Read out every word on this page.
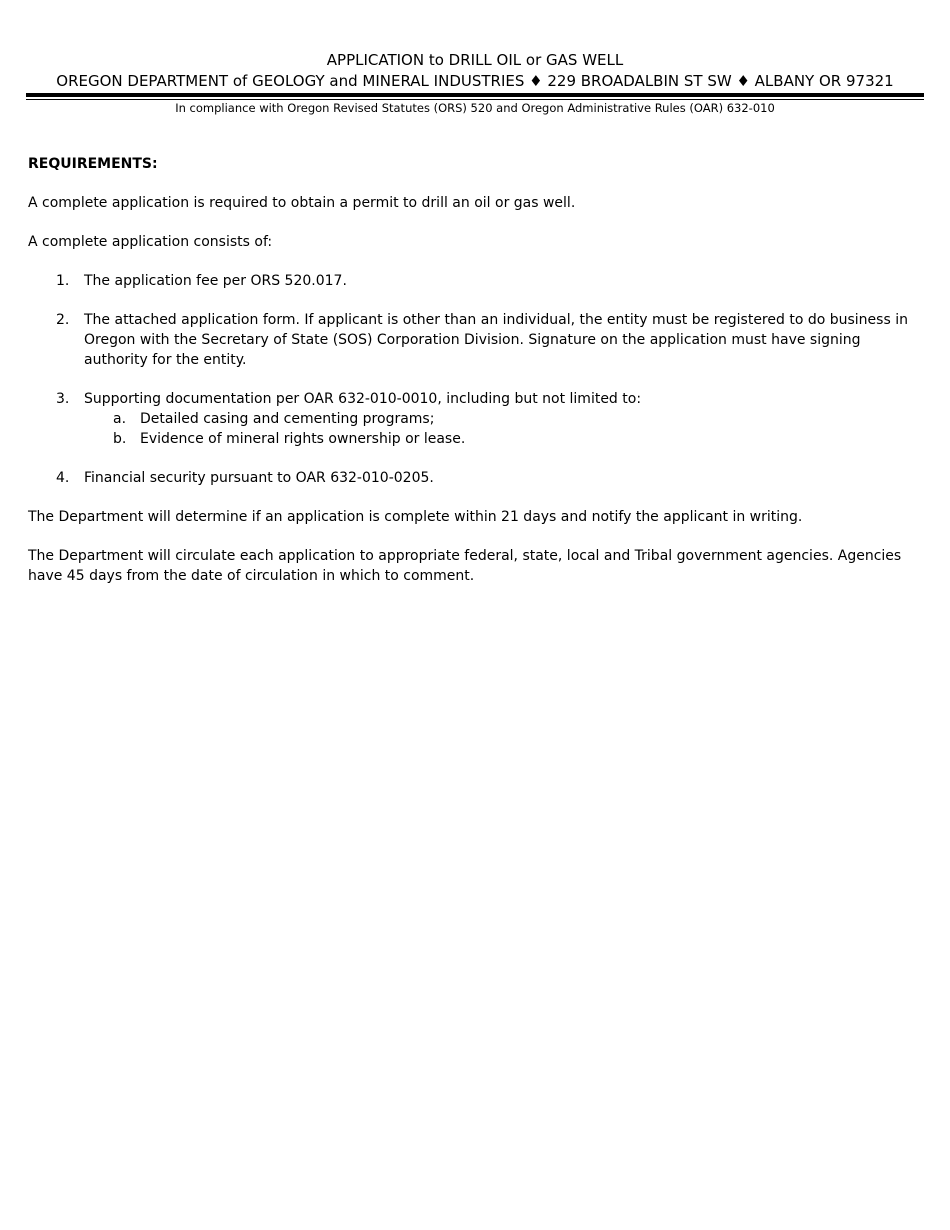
APPLICATION to DRILL OIL or GAS WELL
OREGON DEPARTMENT of GEOLOGY and MINERAL INDUSTRIES ♦ 229 BROADALBIN ST SW ♦ ALBANY OR 97321
In compliance with Oregon Revised Statutes (ORS) 520 and Oregon Administrative Rules (OAR) 632-010

REQUIREMENTS:

A complete application is required to obtain a permit to drill an oil or gas well.

A complete application consists of:

1. The application fee per ORS 520.017.
2. The attached application form. If applicant is other than an individual, the entity must be registered to do business in Oregon with the Secretary of State (SOS) Corporation Division. Signature on the application must have signing authority for the entity.
3. Supporting documentation per OAR 632-010-0010, including but not limited to:
a. Detailed casing and cementing programs;
b. Evidence of mineral rights ownership or lease.
4. Financial security pursuant to OAR 632-010-0205.

The Department will determine if an application is complete within 21 days and notify the applicant in writing.

The Department will circulate each application to appropriate federal, state, local and Tribal government agencies. Agencies have 45 days from the date of circulation in which to comment.
